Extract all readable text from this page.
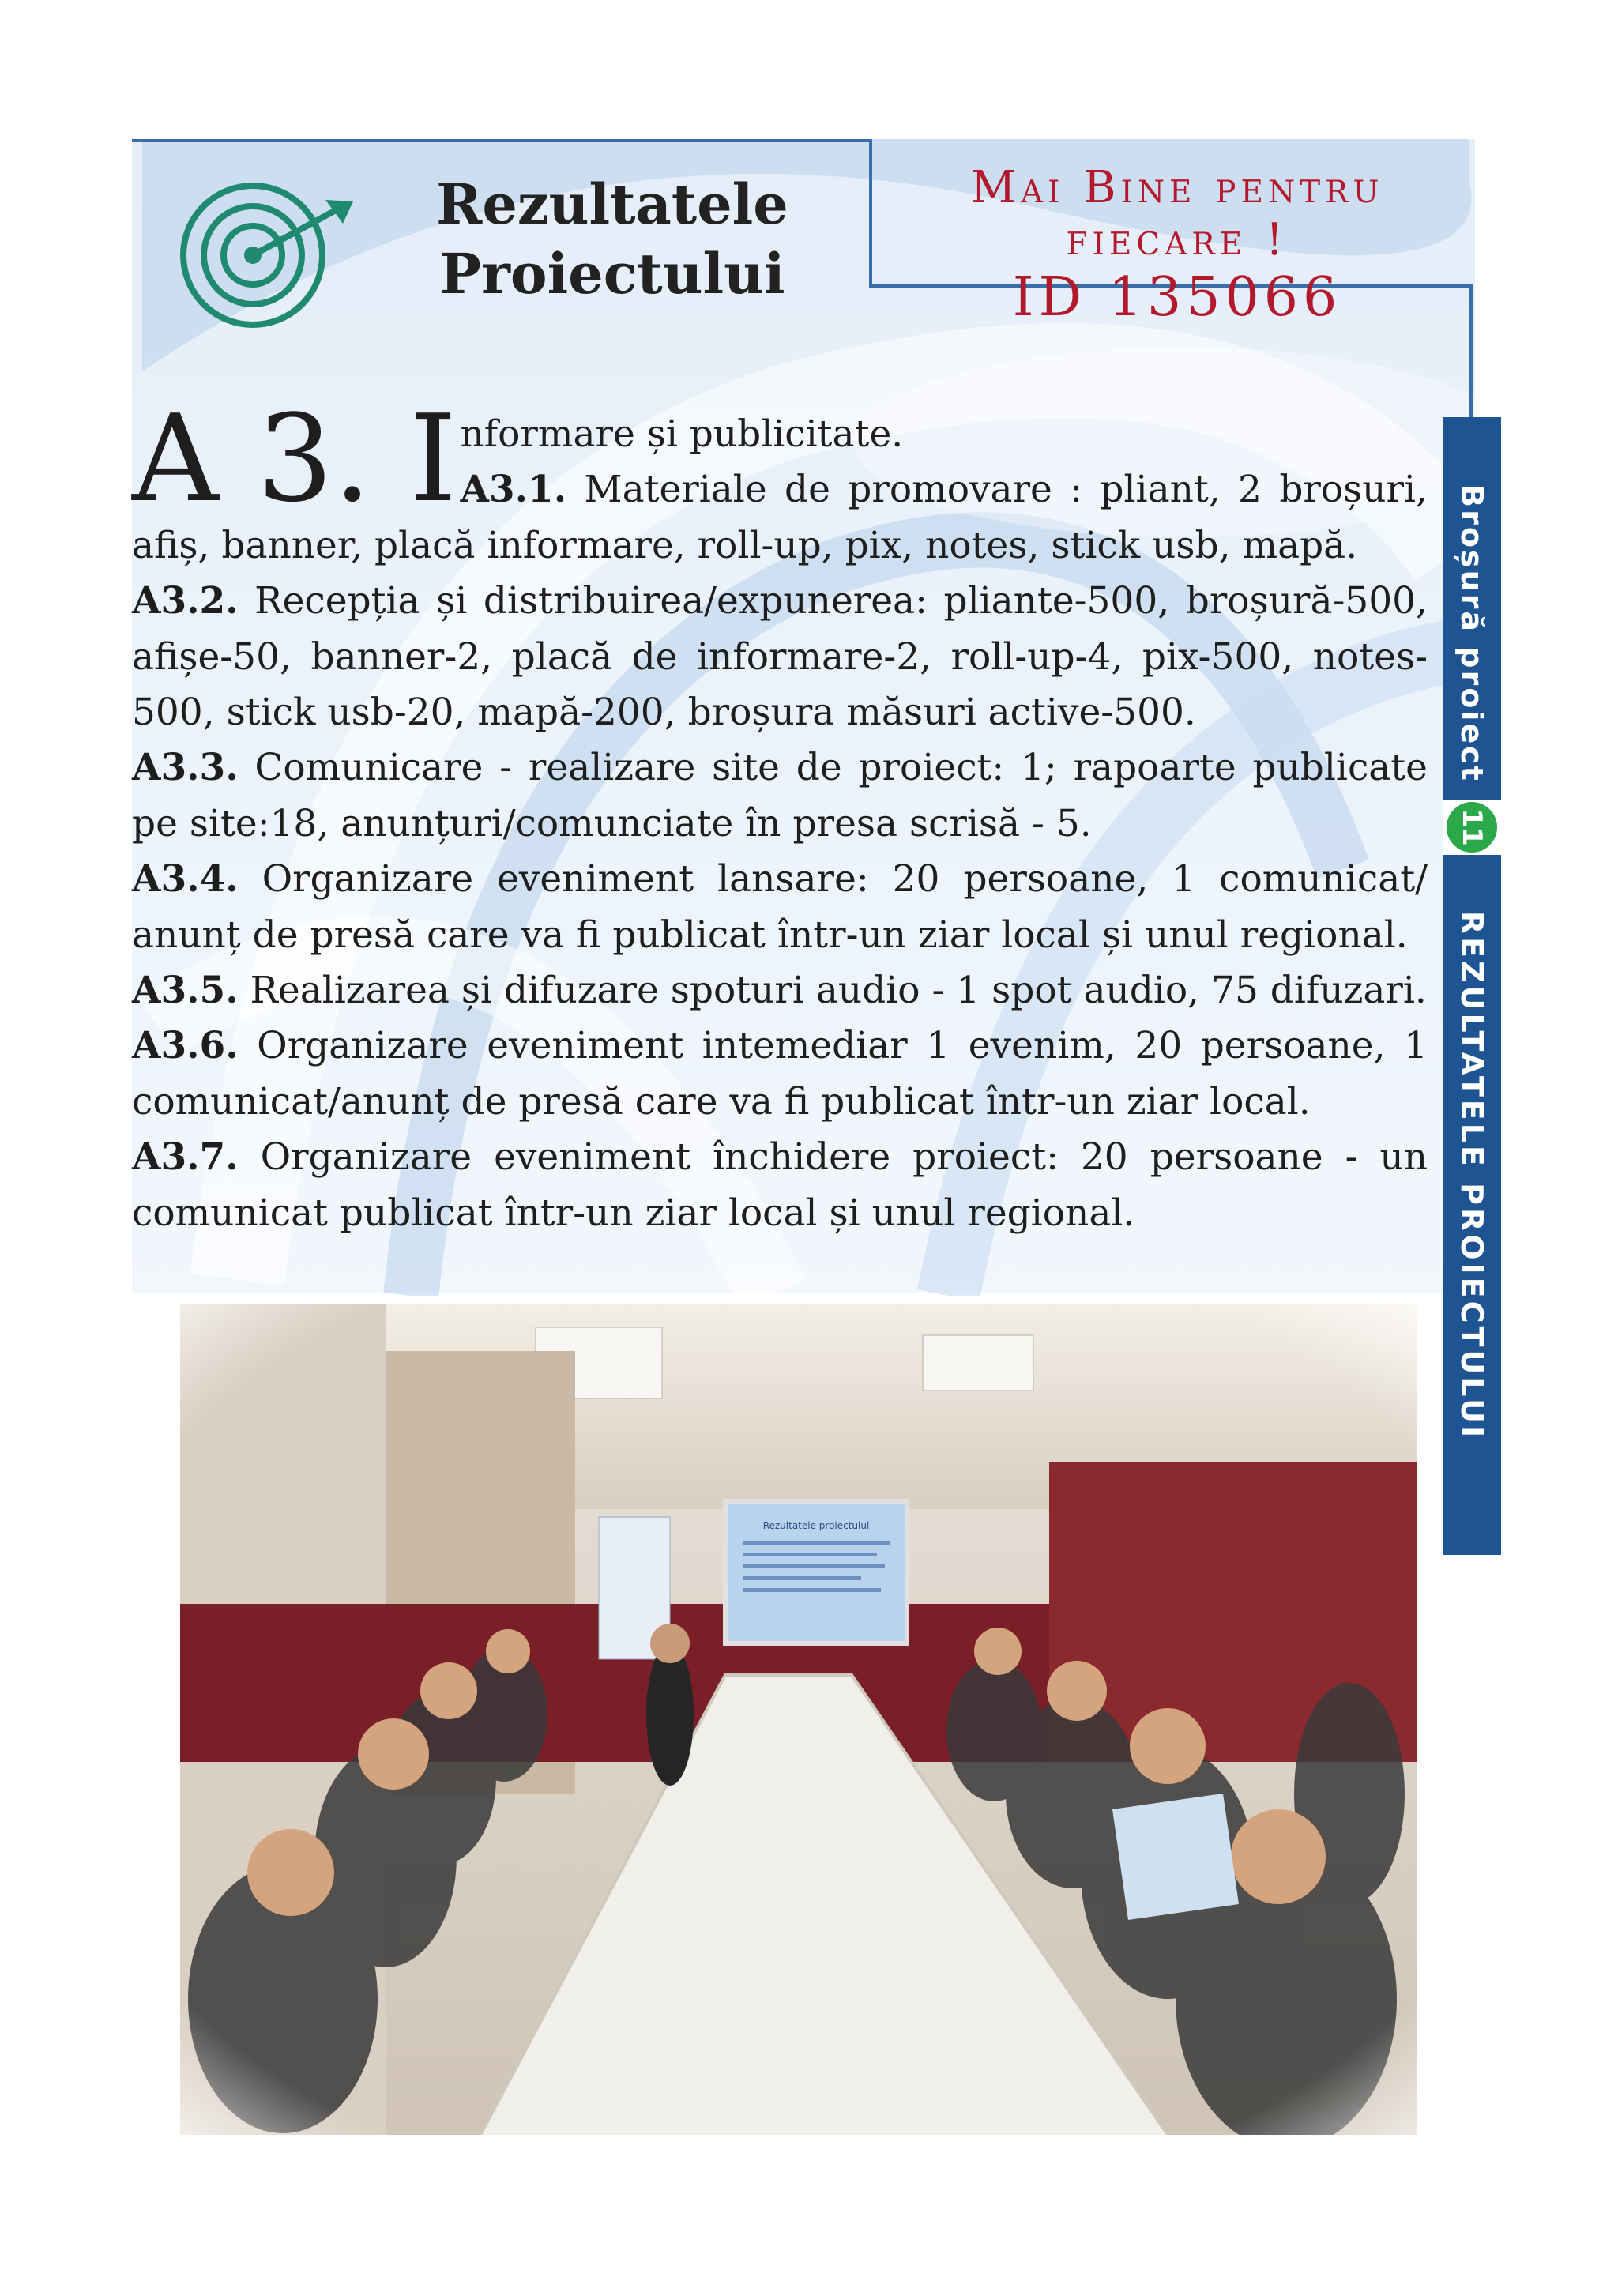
Rezultatele
Proiectului
Mai Bine pentru fiecare !
ID 135066
Broșură proiect
11
REZULTATELE PROIECTULUI
A 3. I nformare și publicitate.
A3.1. Materiale de promovare : pliant, 2 broșuri, afiș, banner, placă informare, roll-up, pix, notes, stick usb, mapă.
A3.2. Recepția și distribuirea/expunerea: pliante-500, broșură-500, afișe-50, banner-2, placă de informare-2, roll-up-4, pix-500, notes-500, stick usb-20, mapă-200, broșura măsuri active-500.
A3.3. Comunicare - realizare site de proiect: 1; rapoarte publicate pe site:18, anunțuri/comunciate în presa scrisă - 5.
A3.4. Organizare eveniment lansare: 20 persoane, 1 comunicat/ anunț de presă care va fi publicat într-un ziar local și unul regional.
A3.5. Realizarea și difuzare spoturi audio - 1 spot audio, 75 difuzari.
A3.6. Organizare eveniment intemediar 1 evenim, 20 persoane, 1 comunicat/anunț de presă care va fi publicat într-un ziar local.
A3.7. Organizare eveniment închidere proiect: 20 persoane - un comunicat publicat într-un ziar local și unul regional.
